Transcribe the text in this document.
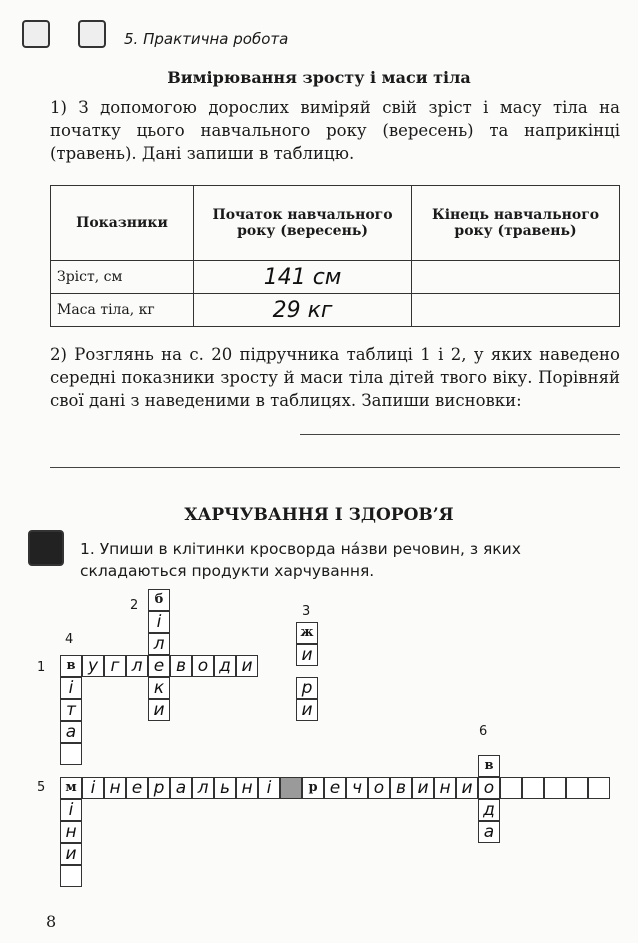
5. Практична робота
Вимірювання зросту і маси тіла
1) З допомогою дорослих виміряй свій зріст і масу тіла на початку цього навчального року (вересень) та наприкінці (травень). Дані запиши в таблицю.
Показники	Початок навчального року (вересень)	Кінець навчального року (травень)
Зріст, см	141 см	
Маса тіла, кг	29 кг	
2) Розглянь на с. 20 підручника таблиці 1 і 2, у яких наведено середні показники зросту й маси тіла дітей твого віку. Порівняй свої дані з наведеними в таблицях. Запиши висновки:
ХАРЧУВАННЯ І ЗДОРОВ’Я
1. Упиши в клітинки кросворда на́зви речовин, з яких складаються продукти харчування.
2	3
4
1
5
6
в
і
т
а
м
і
н
и
у г л е в о д и
б
і
л
к
и
ж
и
р
и
і н е р а л ь н і	р е ч о в и н и
в
о
д
а
8
